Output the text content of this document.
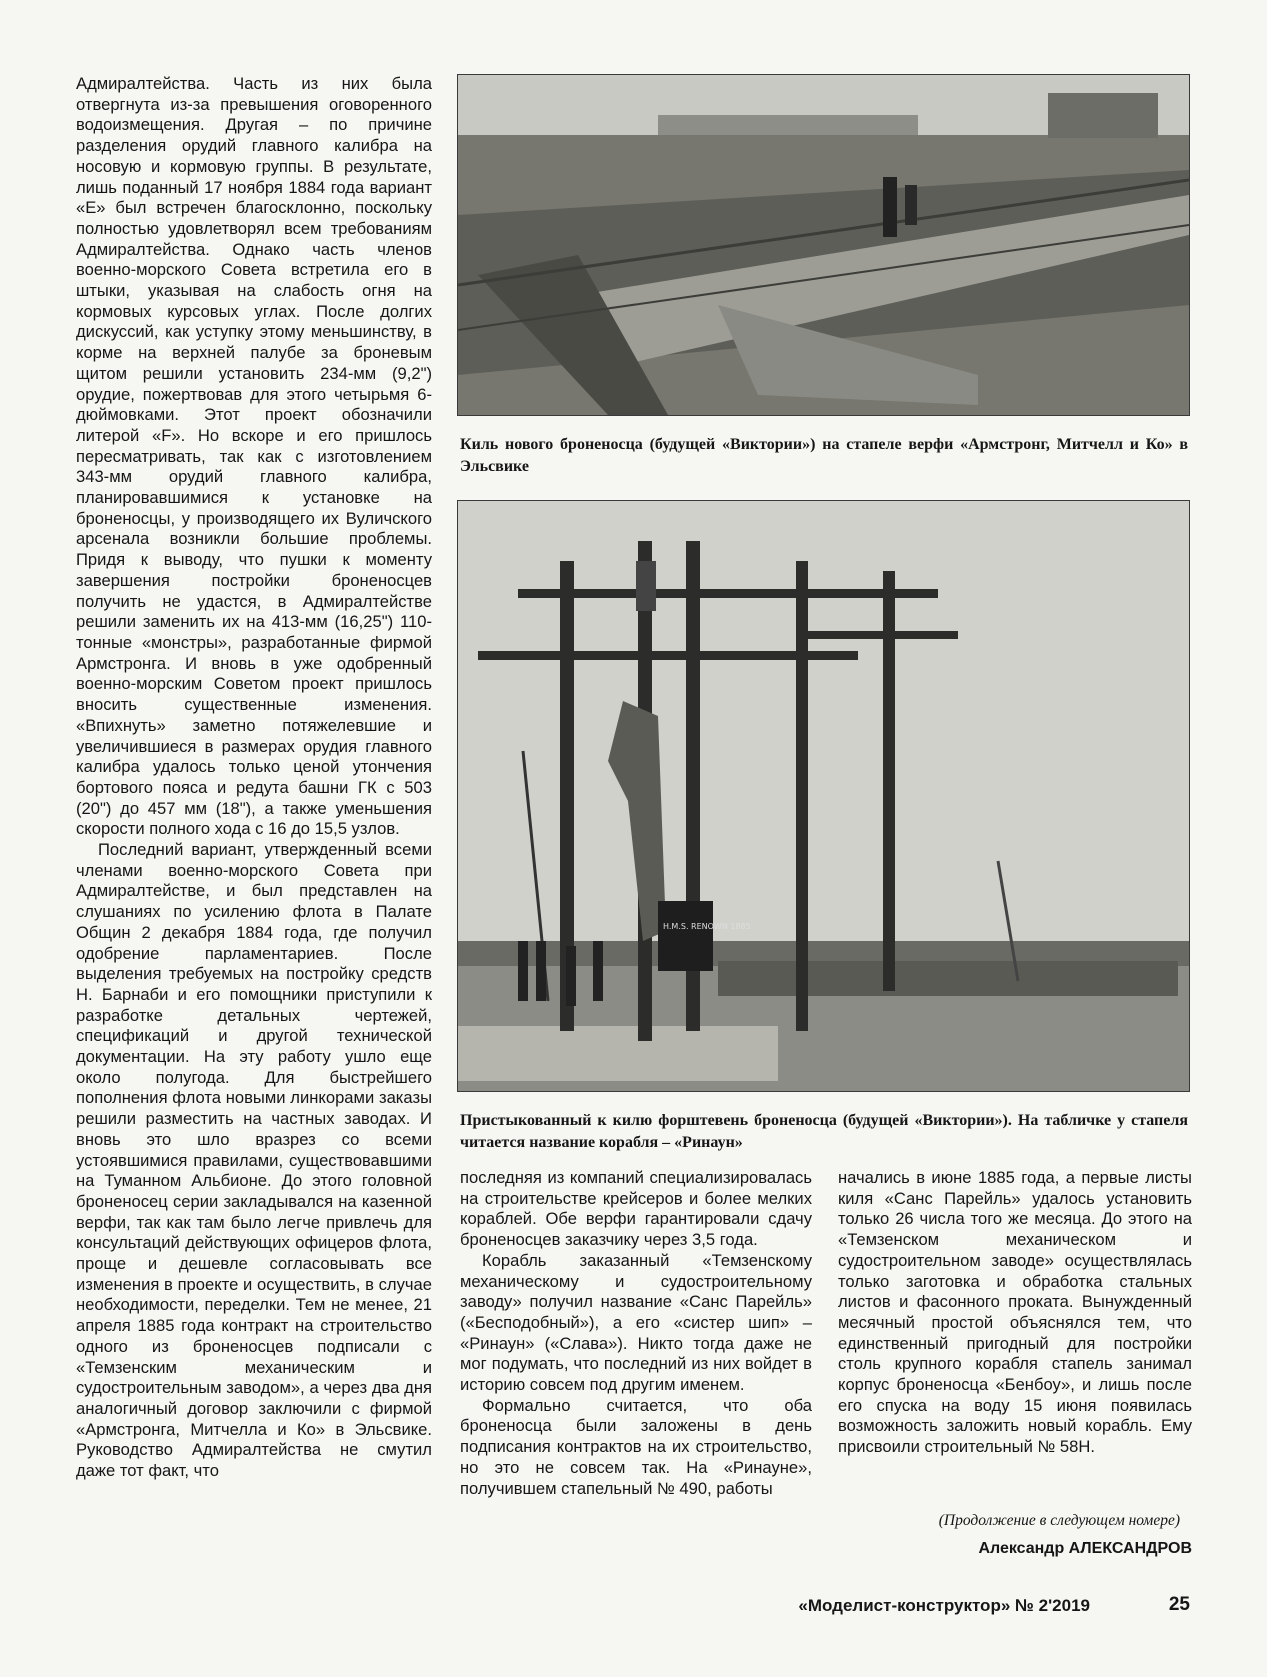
Адмиралтейства. Часть из них была отвергнута из-за превышения оговоренного водоизмещения. Другая – по причине разделения орудий главного калибра на носовую и кормовую группы. В результате, лишь поданный 17 ноября 1884 года вариант «Е» был встречен благосклонно, поскольку полностью удовлетворял всем требованиям Адмиралтейства. Однако часть членов военно-морского Совета встретила его в штыки, указывая на слабость огня на кормовых курсовых углах. После долгих дискуссий, как уступку этому меньшинству, в корме на верхней палубе за броневым щитом решили установить 234-мм (9,2") орудие, пожертвовав для этого четырьмя 6-дюймовками. Этот проект обозначили литерой «F». Но вскоре и его пришлось пересматривать, так как с изготовлением 343-мм орудий главного калибра, планировавшимися к установке на броненосцы, у производящего их Вуличского арсенала возникли большие проблемы. Придя к выводу, что пушки к моменту завершения постройки броненосцев получить не удастся, в Адмиралтействе решили заменить их на 413-мм (16,25") 110-тонные «монстры», разработанные фирмой Армстронга. И вновь в уже одобренный военно-морским Советом проект пришлось вносить существенные изменения. «Впихнуть» заметно потяжелевшие и увеличившиеся в размерах орудия главного калибра удалось только ценой утончения бортового пояса и редута башни ГК с 503 (20") до 457 мм (18"), а также уменьшения скорости полного хода с 16 до 15,5 узлов.

Последний вариант, утвержденный всеми членами военно-морского Совета при Адмиралтействе, и был представлен на слушаниях по усилению флота в Палате Общин 2 декабря 1884 года, где получил одобрение парламентариев. После выделения требуемых на постройку средств Н. Барнаби и его помощники приступили к разработке детальных чертежей, спецификаций и другой технической документации. На эту работу ушло еще около полугода. Для быстрейшего пополнения флота новыми линкорами заказы решили разместить на частных заводах. И вновь это шло вразрез со всеми устоявшимися правилами, существовавшими на Туманном Альбионе. До этого головной броненосец серии закладывался на казенной верфи, так как там было легче привлечь для консультаций действующих офицеров флота, проще и дешевле согласовывать все изменения в проекте и осуществить, в случае необходимости, переделки. Тем не менее, 21 апреля 1885 года контракт на строительство одного из броненосцев подписали с «Темзенским механическим и судостроительным заводом», а через два дня аналогичный договор заключили с фирмой «Армстронга, Митчелла и Ко» в Эльсвике. Руководство Адмиралтейства не смутил даже тот факт, что

Киль нового броненосца (будущей «Виктории») на стапеле верфи «Армстронг, Митчелл и Ко» в Эльсвике
H.M.S. RENOWN 1885
Пристыкованный к килю форштевень броненосца (будущей «Виктории»). На табличке у стапеля читается название корабля – «Ринаун»

последняя из компаний специализировалась на строительстве крейсеров и более мелких кораблей. Обе верфи гарантировали сдачу броненосцев заказчику через 3,5 года.

Корабль заказанный «Темзенскому механическому и судостроительному заводу» получил название «Санс Парейль» («Бесподобный»), а его «систер шип» – «Ринаун» («Слава»). Никто тогда даже не мог подумать, что последний из них войдет в историю совсем под другим именем.

Формально считается, что оба броненосца были заложены в день подписания контрактов на их строительство, но это не совсем так. На «Ринауне», получившем стапельный № 490, работы

начались в июне 1885 года, а первые листы киля «Санс Парейль» удалось установить только 26 числа того же месяца. До этого на «Темзенском механическом и судостроительном заводе» осуществлялась только заготовка и обработка стальных листов и фасонного проката. Вынужденный месячный простой объяснялся тем, что единственный пригодный для постройки столь крупного корабля стапель занимал корпус броненосца «Бенбоу», и лишь после его спуска на воду 15 июня появилась возможность заложить новый корабль. Ему присвоили строительный № 58Н.

(Продолжение в следующем номере)
Александр АЛЕКСАНДРОВ
«Моделист-конструктор» № 2'2019	25
